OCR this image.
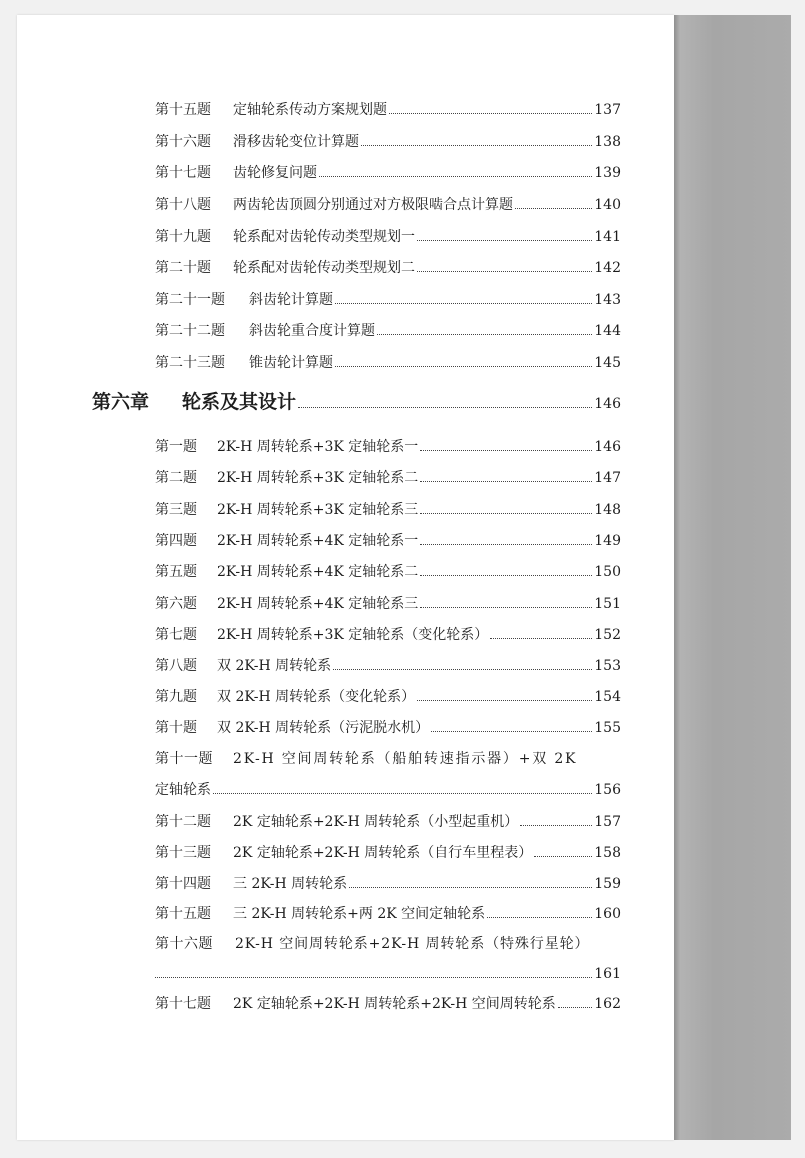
第十五题	定轴轮系传动方案规划题	137
第十六题	滑移齿轮变位计算题	138
第十七题	齿轮修复问题	139
第十八题	两齿轮齿顶圆分别通过对方极限啮合点计算题	140
第十九题	轮系配对齿轮传动类型规划一	141
第二十题	轮系配对齿轮传动类型规划二	142
第二十一题	斜齿轮计算题	143
第二十二题	斜齿轮重合度计算题	144
第二十三题	锥齿轮计算题	145
第六章	轮系及其设计	146
第一题	2K-H 周转轮系+3K 定轴轮系一	146
第二题	2K-H 周转轮系+3K 定轴轮系二	147
第三题	2K-H 周转轮系+3K 定轴轮系三	148
第四题	2K-H 周转轮系+4K 定轴轮系一	149
第五题	2K-H 周转轮系+4K 定轴轮系二	150
第六题	2K-H 周转轮系+4K 定轴轮系三	151
第七题	2K-H 周转轮系+3K 定轴轮系（变化轮系）	152
第八题	双 2K-H 周转轮系	153
第九题	双 2K-H 周转轮系（变化轮系）	154
第十题	双 2K-H 周转轮系（污泥脱水机）	155
第十一题	2K-H 空间周转轮系（船舶转速指示器）+双 2K
定轴轮系	156
第十二题	2K 定轴轮系+2K-H 周转轮系（小型起重机）	157
第十三题	2K 定轴轮系+2K-H 周转轮系（自行车里程表）	158
第十四题	三 2K-H 周转轮系	159
第十五题	三 2K-H 周转轮系+两 2K 空间定轴轮系	160
第十六题	2K-H 空间周转轮系+2K-H 周转轮系（特殊行星轮）
161
第十七题	2K 定轴轮系+2K-H 周转轮系+2K-H 空间周转轮系	162
